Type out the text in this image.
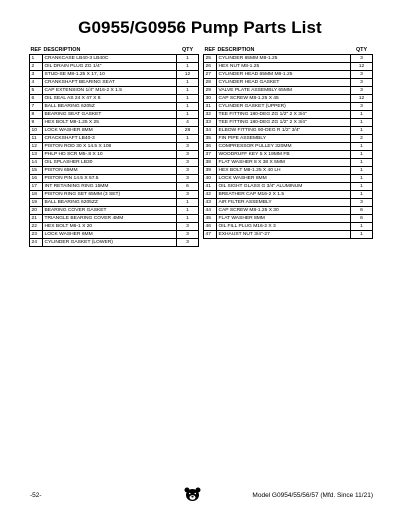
G0955/G0956 Pump Parts List
REF	DESCRIPTION	QTY
1	CRANKCASE LB40-3 LB40C	1
2	OIL DRAIN PLUG ZG 1/4"	1
3	STUD-SE M8-1.25 X 17, 10	12
4	CRANKSHAFT BEARING SEAT	1
5	CAP EXTENSION 1/4" M16-2 X 1.5	1
6	OIL SEAL AS 24 X 47 X 8	1
7	BALL BEARING 6205Z	1
8	BEARING SEAT GASKET	1
9	HEX BOLT M8-1.25 X 25	4
10	LOCK WASHER 8MM	28
11	CRACKSHAFT LB40-3	1
12	PISTON ROD 30 X 14.5 X 108	3
13	PHLP HD SCR M5-.8 X 10	3
14	OIL SPLASHER LB30	3
15	PISTON 65MM	3
16	PISTON PIN 14.5 X 57.5	3
17	INT RETAINING RING 15MM	6
18	PISTON RING SET 65MM (3 SET)	3
19	BALL BEARING 6205ZZ	1
20	BEARING COVER GASKET	1
21	TRIANGLE BEARING COVER 4MM	1
22	HEX BOLT M6-1 X 20	3
23	LOCK WASHER 6MM	3
24	CYLINDER GASKET (LOWER)	3
REF	DESCRIPTION	QTY
25	CYLINDER 65MM M8-1.25	3
26	HEX NUT M8-1.25	12
27	CYLINDER HEAD 65MM M8-1.25	3
28	CYLINDER HEAD GASKET	3
29	VALVE PLATE ASSEMBLY 65MM	3
30	CAP SCREW M8-1.25 X 45	12
31	CYLINDER GASKET (UPPER)	3
32	TEE FITTING 180-DEG ZG 1/2" 2 X 3/4"	1
33	TEE FITTING 180-DEG ZG 1/2" 2 X 3/4"	1
34	ELBOW FITTING 90-DEG R 1/2" 3/4"	1
35	FIN PIPE ASSEMBLY	2
36	COMPRESSOR PULLEY 320MM	1
37	WOODRUFF KEY 5 X 19MM FB	1
38	FLAT WASHER 8 X 38 X 5MM	1
39	HEX BOLT M8-1.25 X 40 LH	1
40	LOCK WASHER 8MM	1
41	OIL SIGHT GLASS G 3/4" ALUMINUM	1
42	BREATHER CAP M16-2 X 1.5	1
43	AIR FILTER ASSEMBLY	3
44	CAP SCREW M8-1.25 X 30	6
45	FLAT WASHER 8MM	6
46	OIL FILL PLUG M16-2 X 3	1
47	EXHAUST NUT 3/4"-27	1
-52-	Model G0954/55/56/57 (Mfd. Since 11/21)
